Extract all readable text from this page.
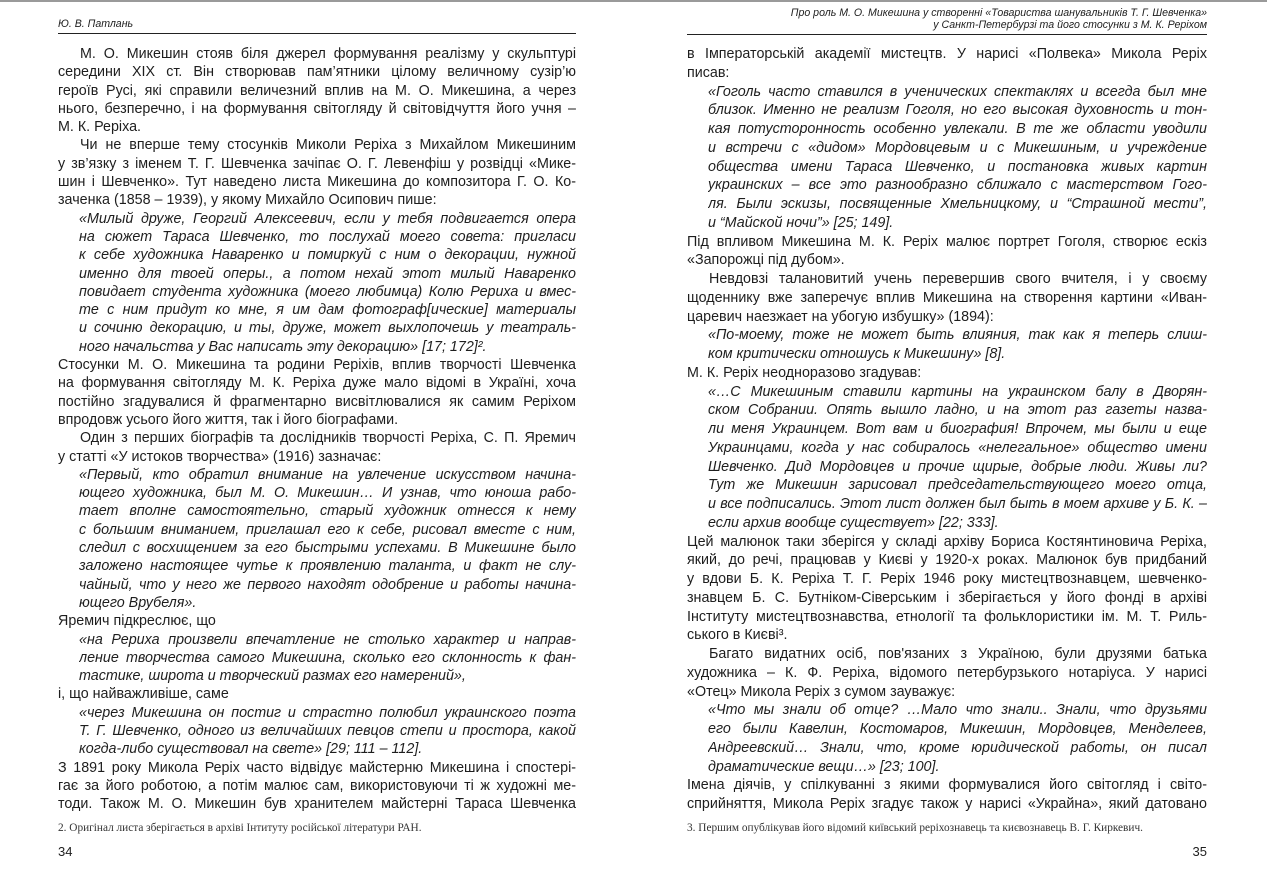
Ю. В. Патлань
М. О. Микешин стояв біля джерел формування реалізму у скульптурі
середини XIX ст. Він створював пам’ятники цілому величному сузір’ю
героїв Русі, які справили величезний вплив на М. О. Микешина, а через
нього, безперечно, і на формування світогляду й світовідчуття його учня –
М. К. Реріха.
Чи не вперше тему стосунків Миколи Реріха з Михайлом Микешиним
у зв’язку з іменем Т. Г. Шевченка зачіпає О. Г. Левенфіш у розвідці «Мике-
шин і Шевченко». Тут наведено листа Микешина до композитора Г. О. Ко-
заченка (1858 – 1939), у якому Михайло Осипович пише:
«Милый друже, Георгий Алексеевич, если у тебя подвигается опера
на сюжет Тараса Шевченко, то послухай моего совета: пригласи
к себе художника Наваренко и помиркуй с ним о декорации, нужной
именно для твоей оперы., а потом нехай этот милый Наваренко
повидает студента художника (моего любимца) Колю Рериха и вмес-
те с ним придут ко мне, я им дам фотограф[ические] материалы
и сочиню декорацию, и ты, друже, может выхлопочешь у театраль-
ного начальства у Вас написать эту декорацию» [17; 172]².
Стосунки М. О. Микешина та родини Реріхів, вплив творчості Шевченка
на формування світогляду М. К. Реріха дуже мало відомі в Україні, хоча
постійно згадувалися й фрагментарно висвітлювалися як самим Реріхом
впродовж усього його життя, так і його біографами.
Один з перших біографів та дослідників творчості Реріха, С. П. Яремич
у статті «У истоков творчества» (1916) зазначає:
«Первый, кто обратил внимание на увлечение искусством начина-
ющего художника, был М. О. Микешин… И узнав, что юноша рабо-
тает вполне самостоятельно, старый художник отнесся к нему
с большим вниманием, приглашал его к себе, рисовал вместе с ним,
следил с восхищением за его быстрыми успехами. В Микешине было
заложено настоящее чутье к проявлению таланта, и факт не слу-
чайный, что у него же первого находят одобрение и работы начина-
ющего Врубеля».
Яремич підкреслює, що
«на Рериха произвели впечатление не столько характер и направ-
ление творчества самого Микешина, сколько его склонность к фан-
тастике, широта и творческий размах его намерений»,
і, що найважливіше, саме
«через Микешина он постиг и страстно полюбил украинского поэта
Т. Г. Шевченко, одного из величайших певцов степи и простора, какой
когда-либо существовал на свете» [29; 111 – 112].
З 1891 року Микола Реріх часто відвідує майстерню Микешина і спостері-
гає за його роботою, а потім малює сам, використовуючи ті ж художні ме-
тоди. Також М. О. Микешин був хранителем майстерні Тараса Шевченка
2. Оригінал листа зберігається в архіві Інтитуту російської літератури РАН.
34
Про роль М. О. Микешина у створенні «Товариства шанувальників Т. Г. Шевченка»
у Санкт-Петербурзі та його стосунки з М. К. Реріхом
в Імператорській академії мистецтв. У нарисі «Полвека» Микола Реріх
писав:
«Гоголь часто ставился в ученических спектаклях и всегда был мне
близок. Именно не реализм Гоголя, но его высокая духовность и тон-
кая потусторонность особенно увлекали. В те же области уводили
и встречи с «дидом» Мордовцевым и с Микешиным, и учреждение
общества имени Тараса Шевченко, и постановка живых картин
украинских – все это разнообразно сближало с мастерством Гого-
ля. Были эскизы, посвященные Хмельницкому, и “Страшной мести”,
и “Майской ночи”» [25; 149].
Під впливом Микешина М. К. Реріх малює портрет Гоголя, створює ескіз
«Запорожці під дубом».
Невдовзі талановитий учень перевершив свого вчителя, і у своєму
щоденнику вже заперечує вплив Микешина на створення картини «Иван-
царевич наезжает на убогую избушку» (1894):
«По-моему, тоже не может быть влияния, так как я теперь слиш-
ком критически отношусь к Микешину» [8].
М. К. Реріх неодноразово згадував:
«…С Микешиным ставили картины на украинском балу в Дворян-
ском Собрании. Опять вышло ладно, и на этот раз газеты назва-
ли меня Украинцем. Вот вам и биография! Впрочем, мы были и еще
Украинцами, когда у нас собиралось «нелегальное» общество имени
Шевченко. Дид Мордовцев и прочие щирые, добрые люди. Живы ли?
Тут же Микешин зарисовал председательствующего моего отца,
и все подписались. Этот лист должен был быть в моем архиве у Б. К. –
если архив вообще существует» [22; 333].
Цей малюнок таки зберігся у складі архіву Бориса Костянтиновича Реріха,
який, до речі, працював у Києві у 1920-х роках. Малюнок був придбаний
у вдови Б. К. Реріха Т. Г. Реріх 1946 року мистецтвознавцем, шевченко-
знавцем Б. С. Бутніком-Сіверським і зберігається у його фонді в архіві
Інституту мистецтвознавства, етнології та фольклористики ім. М. Т. Риль-
ського в Києві³.
Багато видатних осіб, пов'язаних з Україною, були друзями батька
художника – К. Ф. Реріха, відомого петербурзького нотаріуса. У нарисі
«Отец» Микола Реріх з сумом зауважує:
«Что мы знали об отце? …Мало что знали.. Знали, что друзьями
его были Кавелин, Костомаров, Микешин, Мордовцев, Менделеев,
Андреевский… Знали, что, кроме юридической работы, он писал
драматические вещи…» [23; 100].
Імена діячів, у спілкуванні з якими формувалися його світогляд і світо-
сприйняття, Микола Реріх згадує також у нарисі «Украйна», який датовано
3. Першим опублікував його відомий київський реріхознавець та києвознавець В. Г. Киркевич.
35
